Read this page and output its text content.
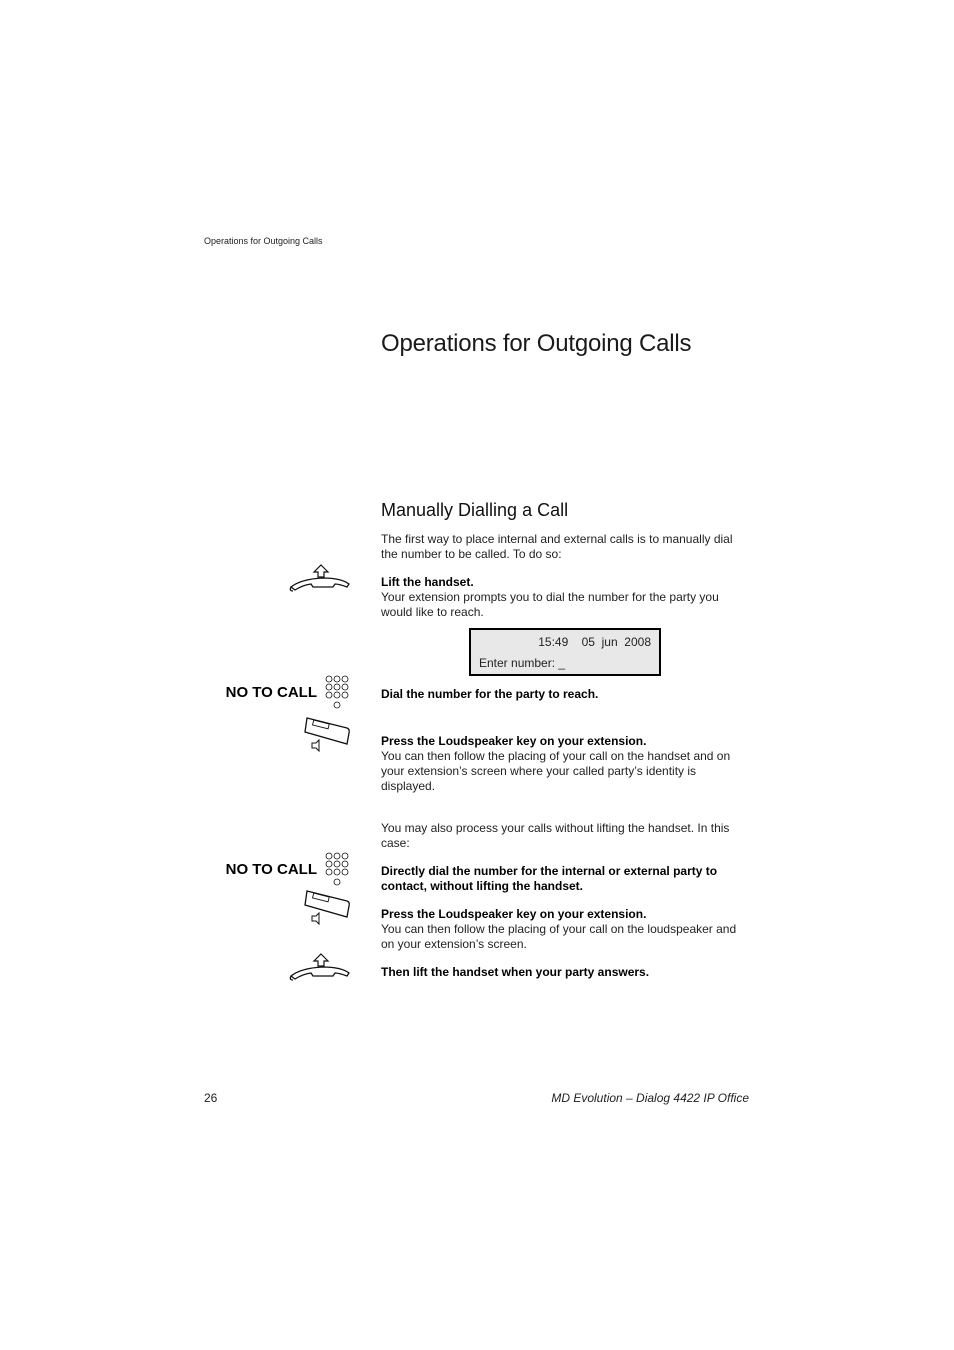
Operations for Outgoing Calls
Operations for Outgoing Calls
Manually Dialling a Call
The first way to place internal and external calls is to manually dial the number to be called. To do so:
Lift the handset.
Your extension prompts you to dial the number for the party you would like to reach.
15:49    05  jun  2008
Enter number: _
NO TO CALL	Dial the number for the party to reach.
Press the Loudspeaker key on your extension.
You can then follow the placing of your call on the handset and on your extension’s screen where your called party’s identity is displayed.
You may also process your calls without lifting the handset. In this case:
NO TO CALL	Directly dial the number for the internal or external party to contact, without lifting the handset.
Press the Loudspeaker key on your extension.
You can then follow the placing of your call on the loudspeaker and on your extension’s screen.
Then lift the handset when your party answers.
26	MD Evolution – Dialog 4422 IP Office
